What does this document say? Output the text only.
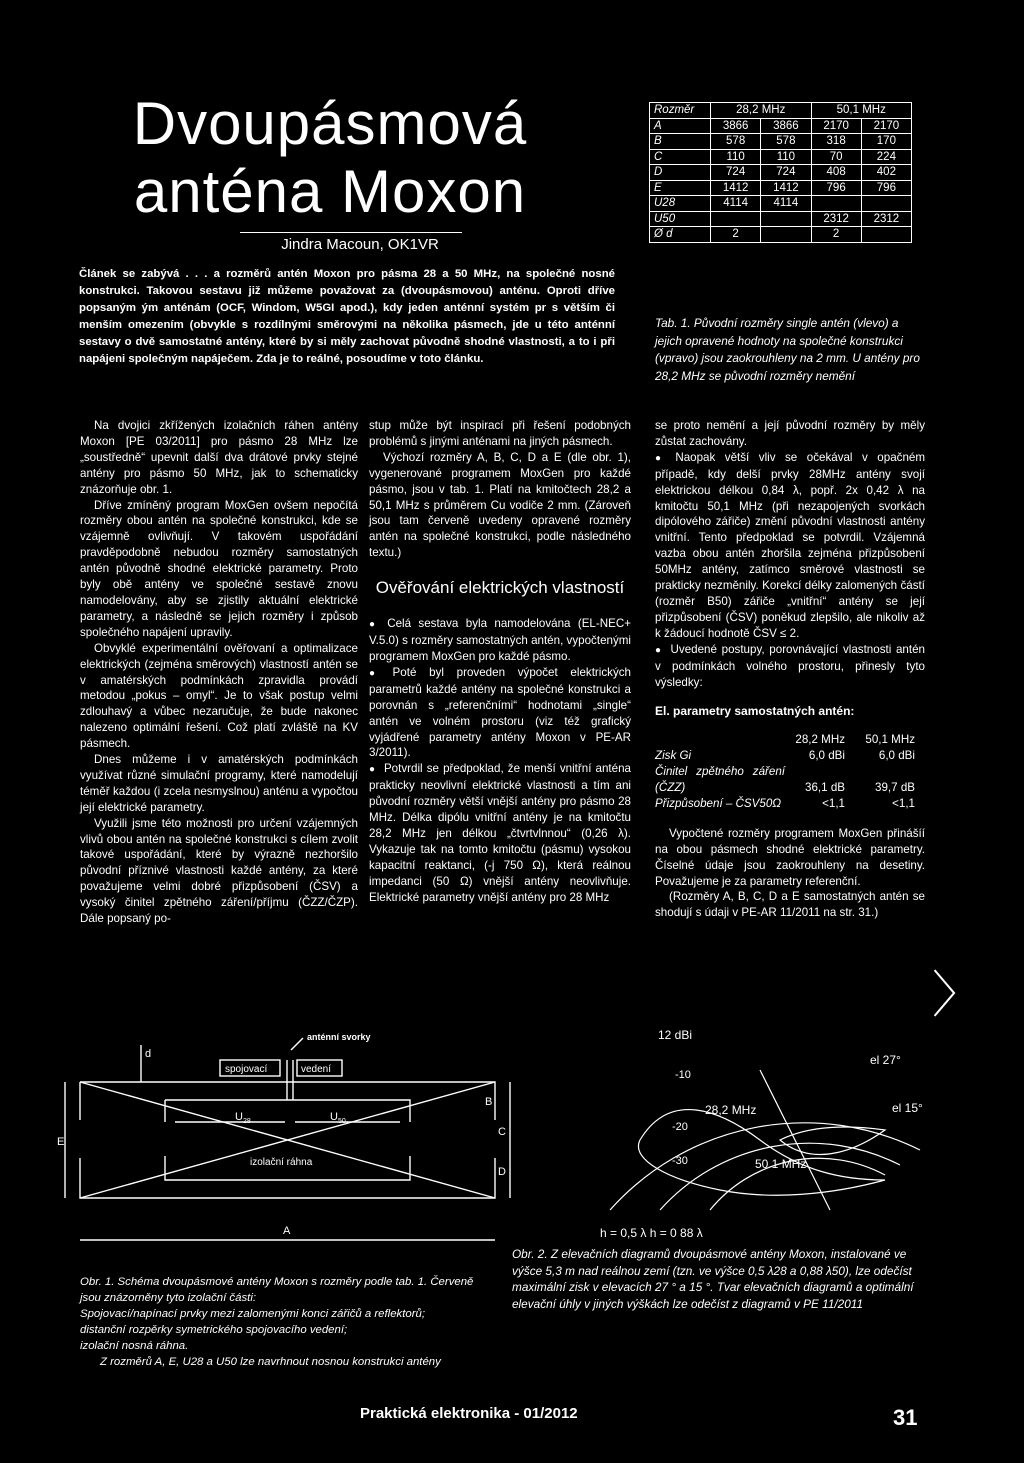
Dvoupásmová
anténa Moxon
Jindra Macoun, OK1VR

Článek se zabývá . . . a rozměrů antén Moxon pro pásma 28 a 50 MHz, na společné nosné konstrukci. Takovou sestavu již můžeme považovat za (dvoupásmovou) anténu. Oproti dříve popsaným ým anténám (OCF, Windom, W5GI apod.), kdy jeden anténní systém pr s větším či menším omezením (obvykle s rozdílnými směrovými na několika pásmech, jde u této anténní sestavy o dvě samostatné antény, které by si měly zachovat původně shodné vlastnosti, a to i při napájeni společným napáječem. Zda je to reálné, posoudíme v toto článku.

Rozměr	28,2 MHz		50,1 MHz	
A	3866	3866	2170	2170
B	578	578	318	170
C	110	110	70	224
D	724	724	408	402
E	1412	1412	796	796
U28	4114	4114		
U50			2312	2312
Ø d	2		2	

Tab. 1. Původní rozměry single antén (vlevo) a jejich opravené hodnoty na společné konstrukci (vpravo) jsou zaokrouhleny na 2 mm. U antény pro 28,2 MHz se původní rozměry nemění

Na dvojici zkřížených izolačních ráhen antény Moxon [PE 03/2011] pro pásmo 28 MHz lze „soustředně“ upevnit další dva drátové prvky stejné antény pro pásmo 50 MHz, jak to schematicky znázorňuje obr. 1.

Dříve zmíněný program MoxGen ovšem nepočítá rozměry obou antén na společné konstrukci, kde se vzájemně ovlivňují. V takovém uspořádání pravděpodobně nebudou rozměry samostatných antén původně shodné elektrické parametry. Proto byly obě antény ve společné sestavě znovu namodelovány, aby se zjistily aktuální elektrické parametry, a následně se jejich rozměry i způsob společného napájení upravily.

Obvyklé experimentální ověřovaní a optimalizace elektrických (zejména směrových) vlastností antén se v amatérských podmínkách zpravidla provádí metodou „pokus – omyl“. Je to však postup velmi zdlouhavý a vůbec nezaručuje, že bude nakonec nalezeno optimální řešení. Což platí zvláště na KV pásmech.

Dnes můžeme i v amatérských podmínkách využívat různé simulační programy, které namodelují téměř každou (i zcela nesmyslnou) anténu a vypočtou její elektrické parametry.

Využili jsme této možnosti pro určení vzájemných vlivů obou antén na společné konstrukci s cílem zvolit takové uspořádání, které by výrazně nezhoršilo původní příznivé vlastnosti každé antény, za které považujeme velmi dobré přizpůsobení (ČSV) a vysoký činitel zpětného záření/příjmu (ČZZ/ČZP). Dále popsaný po-

stup může být inspirací při řešení podobných problémů s jinými anténami na jiných pásmech.

Výchozí rozměry A, B, C, D a E (dle obr. 1), vygenerované programem MoxGen pro každé pásmo, jsou v tab. 1. Platí na kmitočtech 28,2 a 50,1 MHz s průměrem Cu vodiče 2 mm. (Zároveň jsou tam červeně uvedeny opravené rozměry antén na společné konstrukci, podle následného textu.)

Ověřování elektrických vlastností

● Celá sestava byla namodelována (EL-NEC+ V.5.0) s rozměry samostatných antén, vypočtenými programem MoxGen pro každé pásmo.

● Poté byl proveden výpočet elektrických parametrů každé antény na společné konstrukci a porovnán s „referenčními“ hodnotami „single“ antén ve volném prostoru (viz též grafický vyjádřené parametry antény Moxon v PE-AR 3/2011).

● Potvrdil se předpoklad, že menší vnitřní anténa prakticky neovlivní elektrické vlastnosti a tím ani původní rozměry větší vnější antény pro pásmo 28 MHz. Délka dipólu vnitřní antény je na kmitočtu 28,2 MHz jen délkou „čtvrtvlnnou“ (0,26 λ). Vykazuje tak na tomto kmitočtu (pásmu) vysokou kapacitní reaktanci, (-j 750 Ω), která reálnou impedanci (50 Ω) vnější antény neovlivňuje. Elektrické parametry vnější antény pro 28 MHz

se proto nemění a její původní rozměry by měly zůstat zachovány.

● Naopak větší vliv se očekával v opačném případě, kdy delší prvky 28MHz antény svojí elektrickou délkou 0,84 λ, popř. 2x 0,42 λ na kmitočtu 50,1 MHz (při nezapojených svorkách dipólového zářiče) změní původní vlastnosti antény vnitřní. Tento předpoklad se potvrdil. Vzájemná vazba obou antén zhoršila zejména přizpůsobení 50MHz antény, zatímco směrové vlastnosti se prakticky nezměnily. Korekcí délky zalomených částí (rozměr B50) zářiče „vnitřní“ antény se její přizpůsobení (ČSV) poněkud zlepšilo, ale nikoliv až k žádoucí hodnotě ČSV ≤ 2.

● Uvedené postupy, porovnávající vlastnosti antén v podmínkách volného prostoru, přinesly tyto výsledky:

El. parametry samostatných antén:
	28,2 MHz	50,1 MHz
Zisk Gi	6,0 dBi	6,0 dBi
Činitel zpětného záření (ČZZ)	36,1 dB	39,7 dB
Přizpůsobení – ČSV50Ω	<1,1	<1,1

Vypočtené rozměry programem MoxGen přinášíí na obou pásmech shodné elektrické parametry. Číselné údaje jsou zaokrouhleny na desetiny. Považujeme je za parametry referenční.

(Rozměry A, B, C, D a E samostatných antén se shodují s údaji v PE-AR 11/2011 na str. 31.)

〉
d
anténní svorky
spojovací	vedení
$U_{28}$	$U_{50}$
izolační ráhna
A
E
B
C
D
Obr. 1. Schéma dvoupásmové antény Moxon s rozměry podle tab. 1. Červeně jsou znázorněny tyto izolační části:
Spojovací/napínací prvky mezi zalomenými konci zářičů a reflektorů;
distanční rozpěrky symetrického spojovacího vedení;
izolační nosná ráhna.
Z rozměrů A, E, U28 a U50 lze navrhnout nosnou konstrukci antény
-10
-20
-30
28,2 MHz
50 1 MHz
el 27°
el 15°
12 dBi
h = 0,5 λ h = 0 88 λ

Obr. 2. Z elevačních diagramů dvoupásmové antény Moxon, instalované ve výšce 5,3 m nad reálnou zemí (tzn. ve výšce 0,5 λ28 a 0,88 λ50), lze odečíst maximální zisk v elevacích 27 ° a 15 °. Tvar elevačních diagramů a optimální elevační úhly v jiných výškách lze odečíst z diagramů v PE 11/2011

Praktická elektronika - 01/2012	31
